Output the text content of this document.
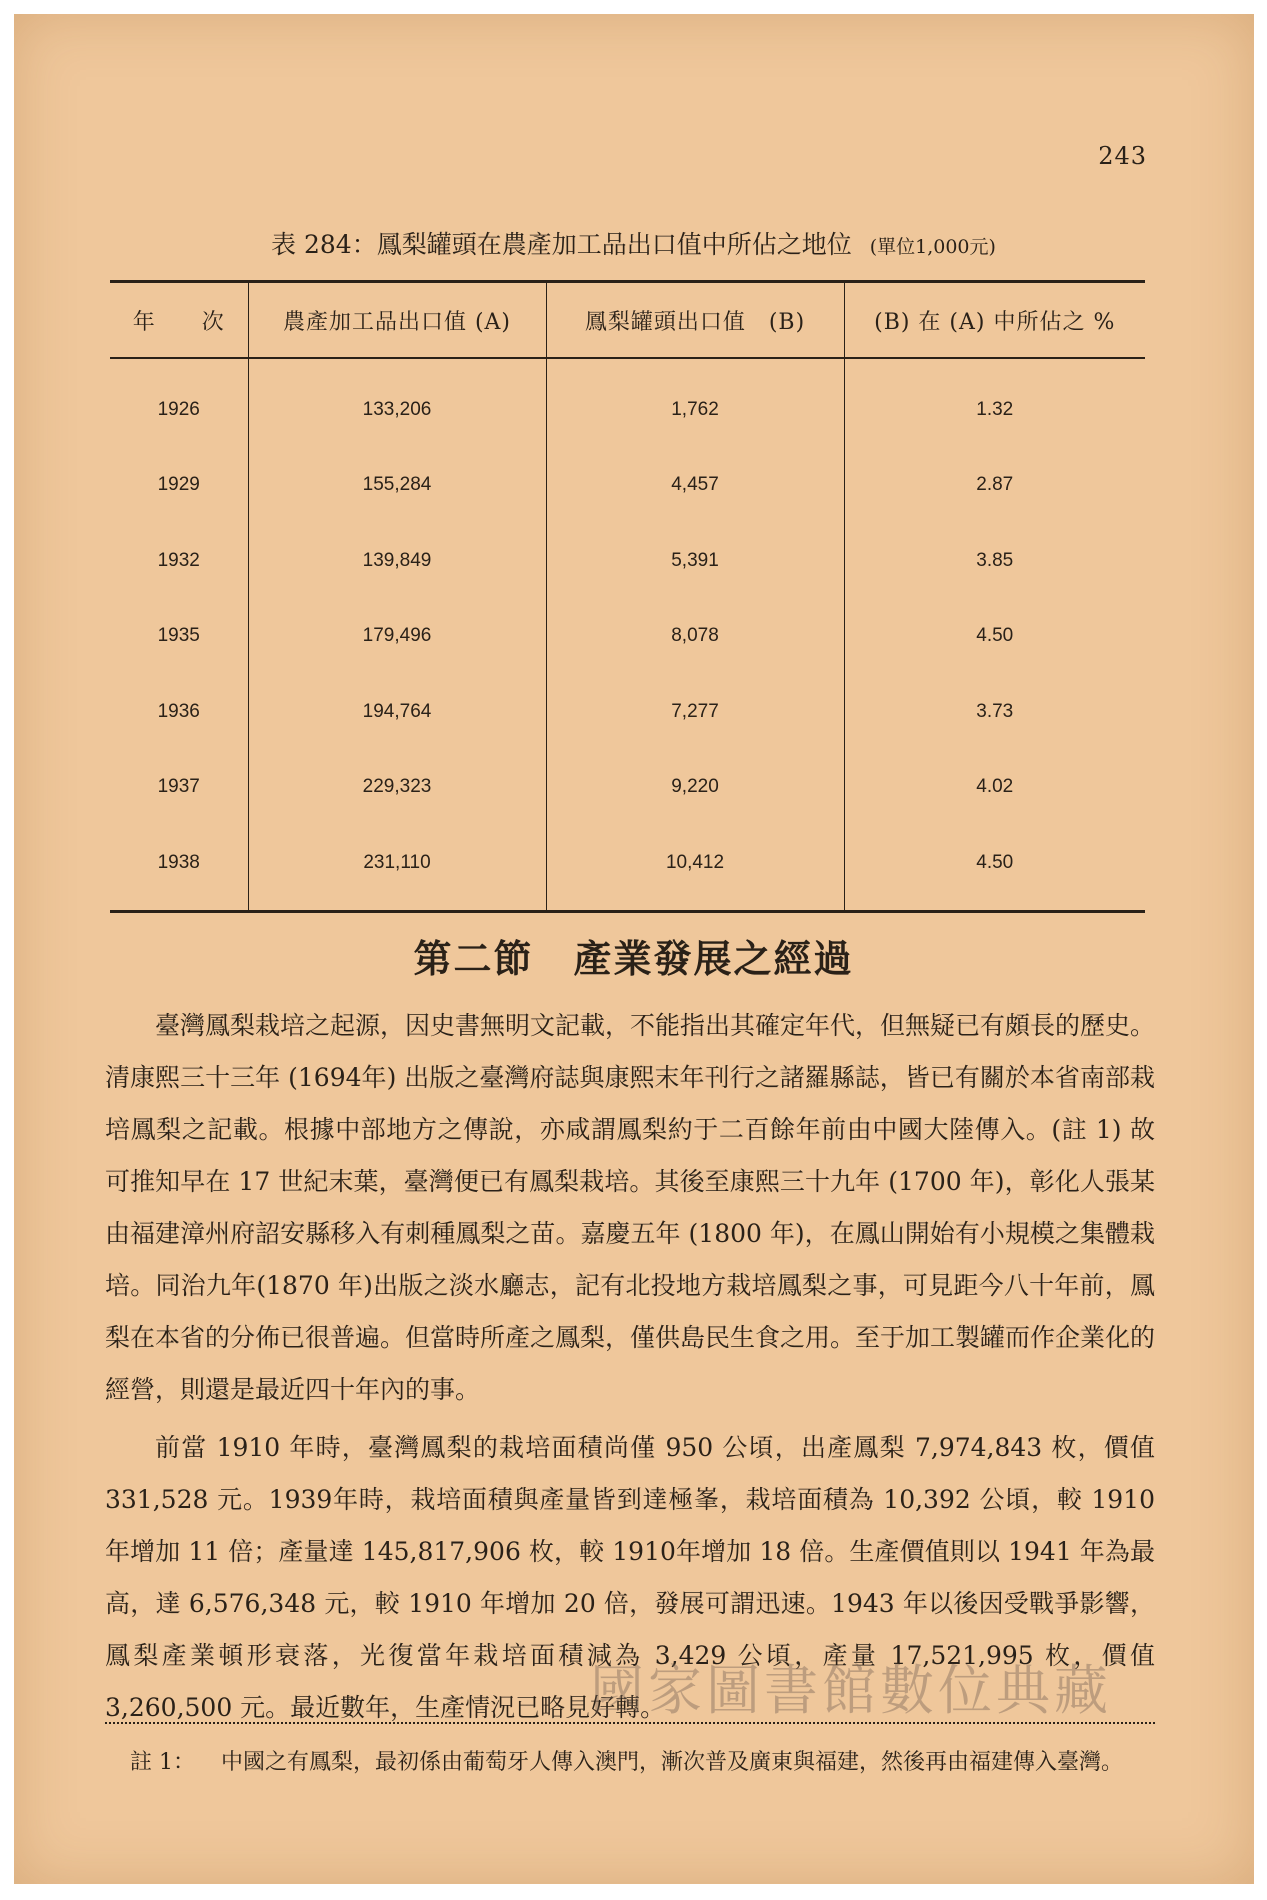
243
表 284：鳳梨罐頭在農產加工品出口值中所佔之地位 (單位1,000元)
年　　次	農產加工品出口值 (A)	鳳梨罐頭出口值　(B)	(B) 在 (A) 中所佔之 %
1926	133,206	1,762	1.32
1929	155,284	4,457	2.87
1932	139,849	5,391	3.85
1935	179,496	8,078	4.50
1936	194,764	7,277	3.73
1937	229,323	9,220	4.02
1938	231,110	10,412	4.50
第二節 產業發展之經過

臺灣鳳梨栽培之起源，因史書無明文記載，不能指出其確定年代，但無疑已有頗長的歷史。清康熙三十三年 (1694年) 出版之臺灣府誌與康熙末年刊行之諸羅縣誌，皆已有關於本省南部栽培鳳梨之記載。根據中部地方之傳說，亦咸謂鳳梨約于二百餘年前由中國大陸傳入。(註 1) 故可推知早在 17 世紀末葉，臺灣便已有鳳梨栽培。其後至康熙三十九年 (1700 年)，彰化人張某由福建漳州府詔安縣移入有刺種鳳梨之苗。嘉慶五年 (1800 年)，在鳳山開始有小規模之集體栽培。同治九年(1870 年)出版之淡水廳志，記有北投地方栽培鳳梨之事，可見距今八十年前，鳳梨在本省的分佈已很普遍。但當時所產之鳳梨，僅供島民生食之用。至于加工製罐而作企業化的經營，則還是最近四十年內的事。

前當 1910 年時，臺灣鳳梨的栽培面積尚僅 950 公頃，出產鳳梨 7,974,843 枚，價值 331,528 元。1939年時，栽培面積與產量皆到達極峯，栽培面積為 10,392 公頃，較 1910 年增加 11 倍；產量達 145,817,906 枚，較 1910年增加 18 倍。生產價值則以 1941 年為最高，達 6,576,348 元，較 1910 年增加 20 倍，發展可謂迅速。1943 年以後因受戰爭影響，鳳梨產業頓形衰落，光復當年栽培面積減為 3,429 公頃，產量 17,521,995 枚，價值 3,260,500 元。最近數年，生產情況已略見好轉。

國家圖書館數位典藏
註 1： 中國之有鳳梨，最初係由葡萄牙人傳入澳門，漸次普及廣東與福建，然後再由福建傳入臺灣。
